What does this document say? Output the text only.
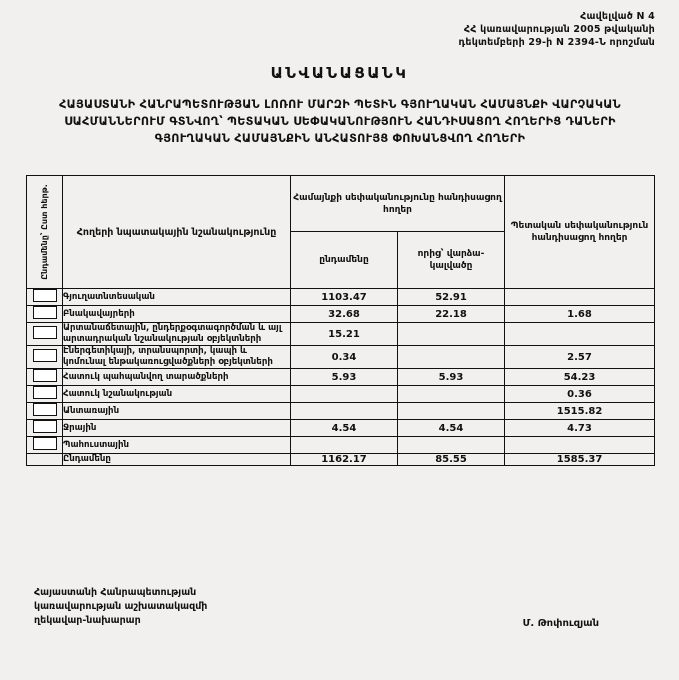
Հավելված N 4
ՀՀ կառավարության 2005 թվականի
դեկտեմբերի 29-ի N 2394-Ն որոշման
ԱՆՎԱՆԱՑԱՆԿ
ՀԱՅԱՍՏԱՆԻ ՀԱՆՐԱՊԵՏՈՒԹՅԱՆ ԼՈՌՈՒ ՄԱՐԶԻ ՊԵՏԻՆ ԳՅՈՒՂԱԿԱՆ ՀԱՄԱՅՆՔԻ ՎԱՐՉԱԿԱՆ
ՍԱՀՄԱՆՆԵՐՈՒՄ ԳՏՆՎՈՂ՝ ՊԵՏԱԿԱՆ ՍԵՓԱԿԱՆՈՒԹՅՈՒՆ ՀԱՆԴԻՍԱՑՈՂ ՀՈՂԵՐԻՑ ԴԱՆԵՐԻ
ԳՅՈՒՂԱԿԱՆ ՀԱՄԱՅՆՔԻՆ ԱՆՀԱՏՈՒՅՑ ՓՈԽԱՆՑՎՈՂ ՀՈՂԵՐԻ
Ընդամենը՝ Ըստ հերթ.	Հողերի նպատակային նշանակությունը	Համայնքի սեփականությունը հանդիսացող հողեր		Պետական սեփականություն հանդիսացող հողեր
		ընդամենը	որից՝ վարձա- կալվածը	
	Գյուղատնտեսական	1103.47	52.91	
	Բնակավայրերի	32.68	22.18	1.68
	Արտանաճետային, ընդերքօգտագործման և այլ արտադրական նշանակության օբյեկտների	15.21		
	Էներգետիկայի, տրանսպորտի, կապի և կոմունալ ենթակառուցվածքների օբյեկտների	0.34		2.57
	Հատուկ պահպանվող տարածքների	5.93	5.93	54.23
	Հատուկ նշանակության			0.36
	Անտառային			1515.82
	Ջրային	4.54	4.54	4.73
	Պահուստային			
	Ընդամենը	1162.17	85.55	1585.37
Հայաստանի Հանրապետության
կառավարության աշխատակազմի
ղեկավար-նախարար	Մ. Թոփուզյան
